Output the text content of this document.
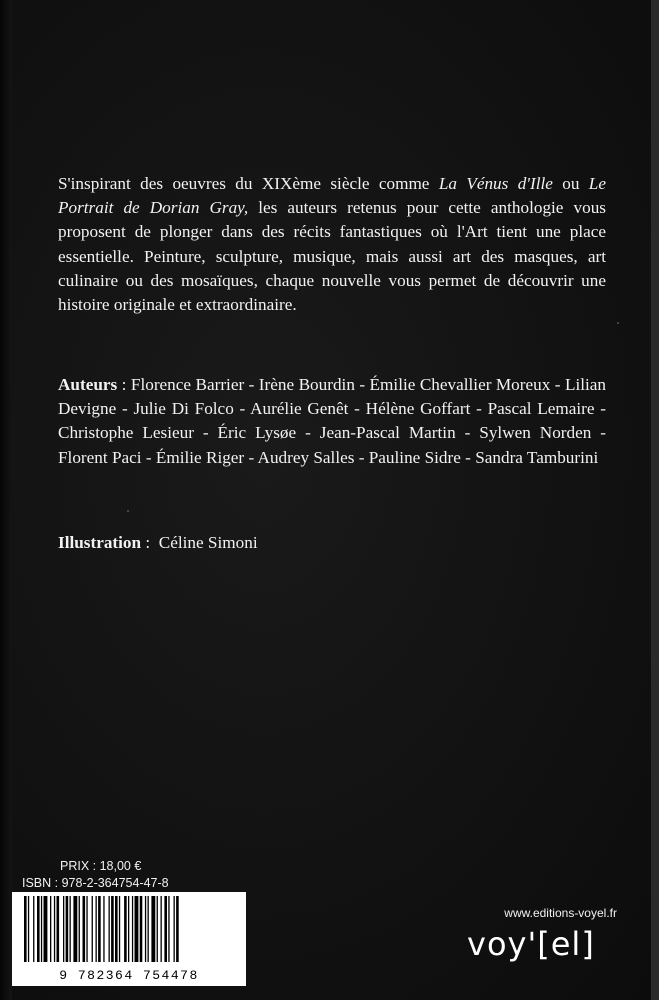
S'inspirant des oeuvres du XIXème siècle comme La Vénus d'Ille ou Le Portrait de Dorian Gray, les auteurs retenus pour cette anthologie vous proposent de plonger dans des récits fantastiques où l'Art tient une place essentielle. Peinture, sculpture, musique, mais aussi art des masques, art culinaire ou des mosaïques, chaque nouvelle vous permet de découvrir une histoire originale et extraordinaire.

Auteurs : Florence Barrier - Irène Bourdin - Émilie Chevallier Moreux - Lilian Devigne - Julie Di Folco - Aurélie Genêt - Hélène Goffart - Pascal Lemaire - Christophe Lesieur - Éric Lysøe - Jean-Pascal Martin - Sylwen Norden - Florent Paci - Émilie Riger - Audrey Salles - Pauline Sidre - Sandra Tamburini

Illustration :  Céline Simoni

PRIX : 18,00 €
ISBN : 978-2-364754-47-8
9 782364 754478
www.editions-voyel.fr
voy'[el]
